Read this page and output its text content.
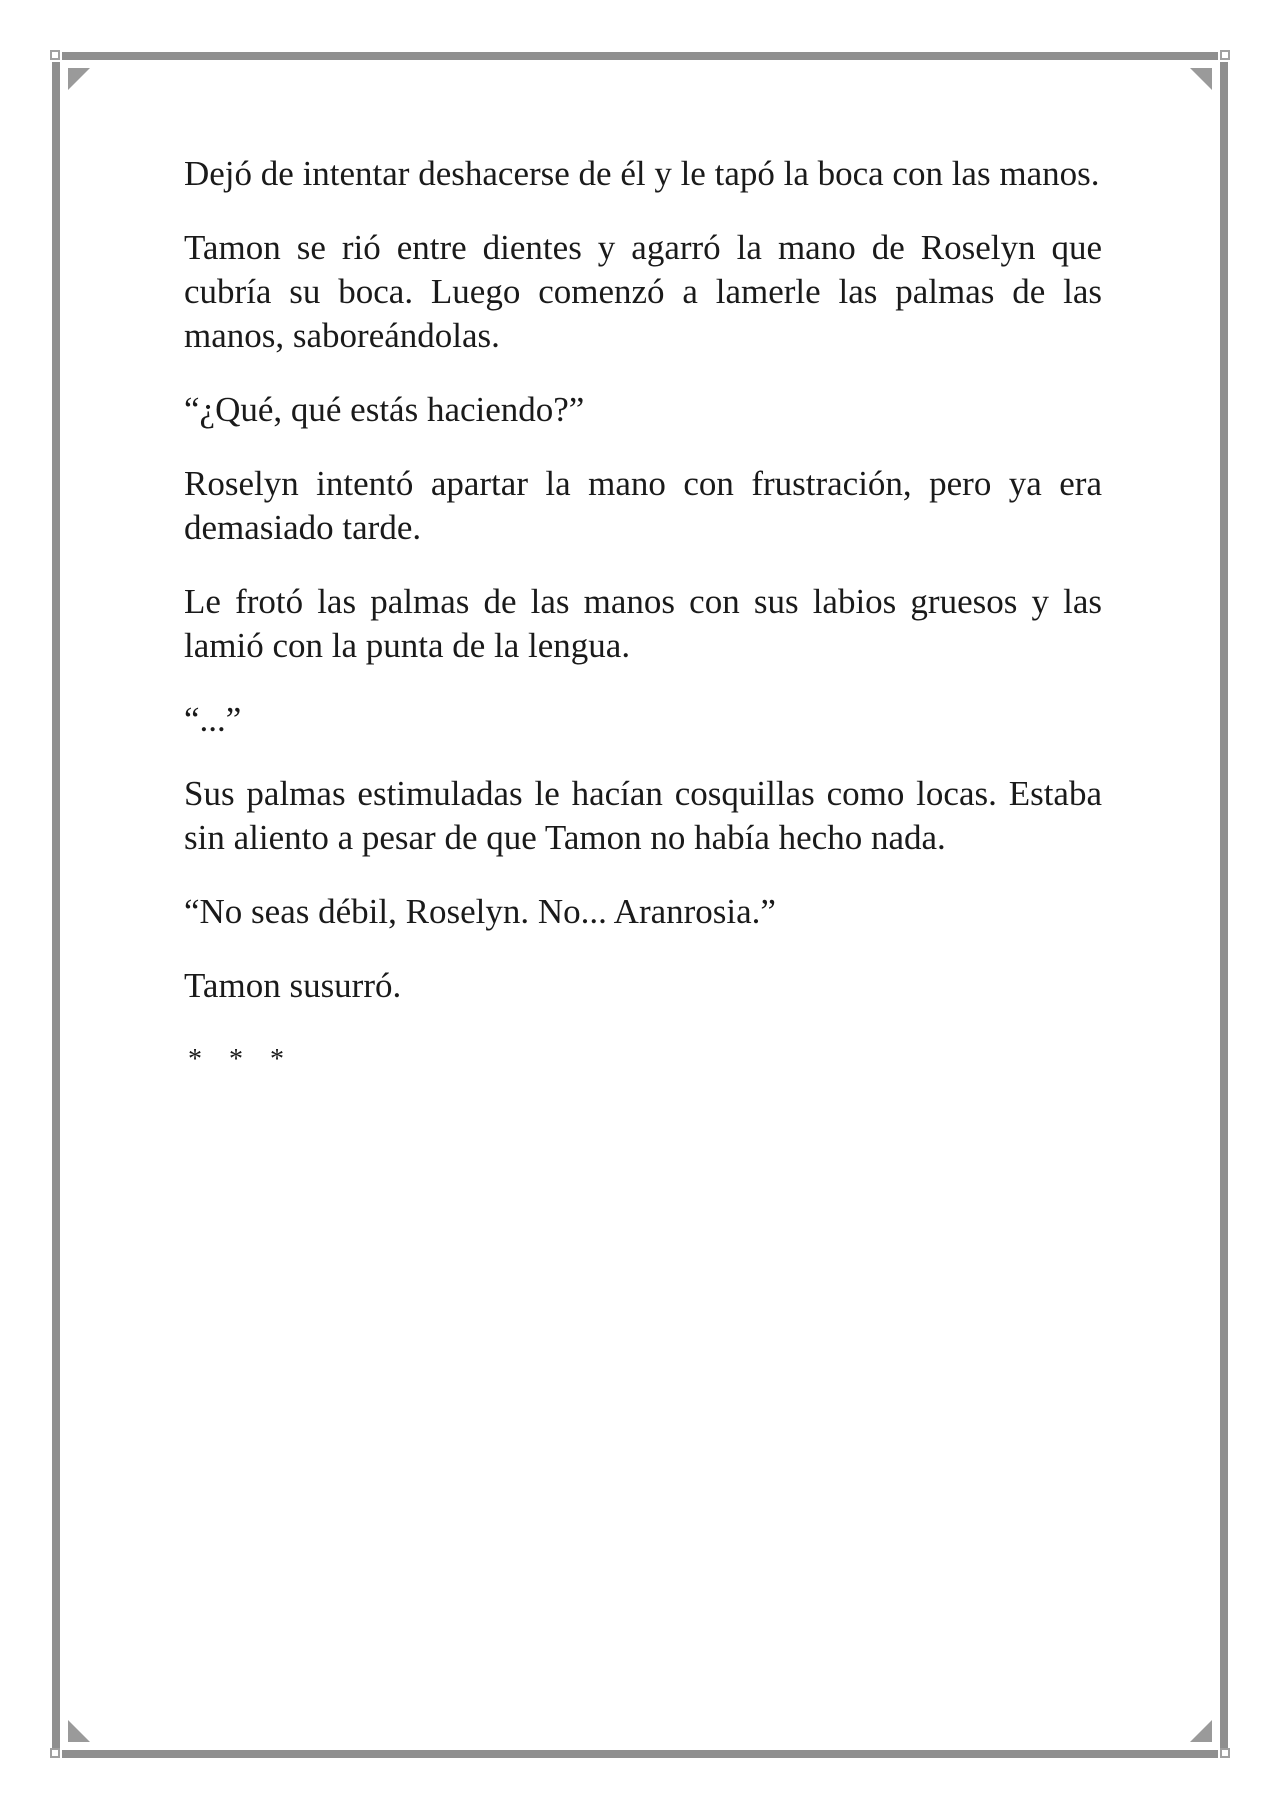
Dejó de intentar deshacerse de él y le tapó la boca con las manos.

Tamon se rió entre dientes y agarró la mano de Roselyn que cubría su boca. Luego comenzó a lamerle las palmas de las manos, saboreándolas.

“¿Qué, qué estás haciendo?”

Roselyn intentó apartar la mano con frustración, pero ya era demasiado tarde.

Le frotó las palmas de las manos con sus labios gruesos y las lamió con la punta de la lengua.

“...”

Sus palmas estimuladas le hacían cosquillas como locas. Estaba sin aliento a pesar de que Tamon no había hecho nada.

“No seas débil, Roselyn. No... Aranrosia.”

Tamon susurró.

* * *
